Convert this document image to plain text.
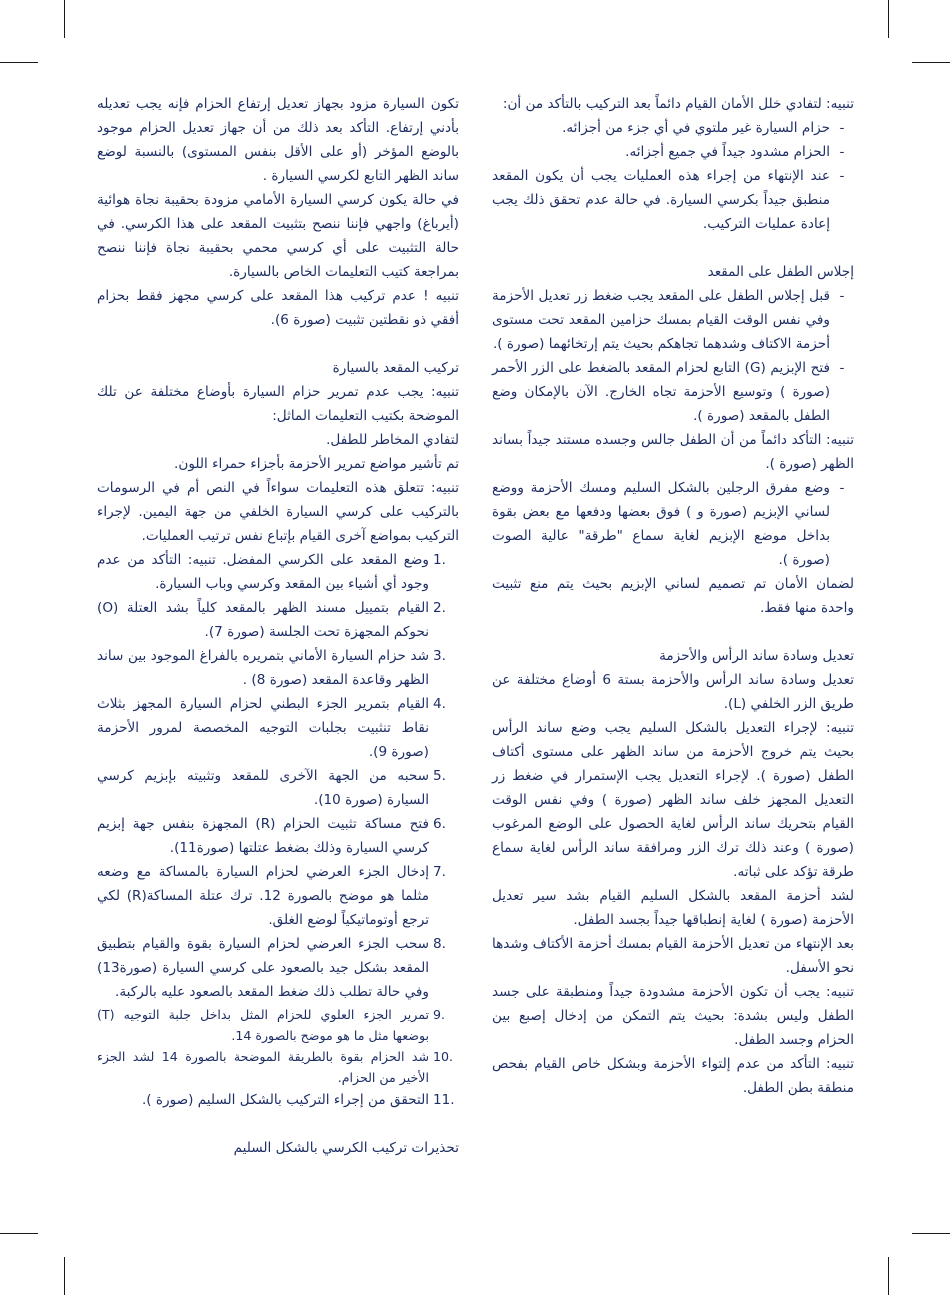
تنبيه: لتفادي خلل الأمان القيام دائماً بعد التركيب بالتأكد من أن:

- حزام السيارة غير ملتوي في أي جزء من أجزائه.
- الحزام مشدود جيداً في جميع أجزائه.
- عند الإنتهاء من إجراء هذه العمليات يجب أن يكون المقعد منطبق جيداً بكرسي السيارة. في حالة عدم تحقق ذلك يجب إعادة عمليات التركيب.

إجلاس الطفل على المقعد

- قبل إجلاس الطفل على المقعد يجب ضغط زر تعديل الأحزمة وفي نفس الوقت القيام بمسك حزامين المقعد تحت مستوى أحزمة الاكتاف وشدهما تجاهكم بحيث يتم إرتخائهما (صورة ).
- فتح الإبزيم (G) التابع لحزام المقعد بالضغط على الزر الأحمر (صورة ) وتوسيع الأحزمة تجاه الخارج. الآن بالإمكان وضع الطفل بالمقعد (صورة ).

تنبيه: التأكد دائماً من أن الطفل جالس وجسده مستند جيداً بساند الظهر (صورة ).

- وضع مفرق الرجلين بالشكل السليم ومسك الأحزمة ووضع لساني الإبزيم (صورة و ) فوق بعضها ودفعها مع بعض بقوة بداخل موضع الإبزيم لغاية سماع "طرقة" عالية الصوت (صورة ).

لضمان الأمان تم تصميم لساني الإبزيم بحيث يتم منع تثبيت واحدة منها فقط.

تعديل وسادة ساند الرأس والأحزمة

تعديل وسادة ساند الرأس والأحزمة بستة 6 أوضاع مختلفة عن طريق الزر الخلفي (L).

تنبيه: لإجراء التعديل بالشكل السليم يجب وضع ساند الرأس بحيث يتم خروج الأحزمة من ساند الظهر على مستوى أكتاف الطفل (صورة ). لإجراء التعديل يجب الإستمرار في ضغط زر التعديل المجهز خلف ساند الظهر (صورة ) وفي نفس الوقت القيام بتحريك ساند الرأس لغاية الحصول على الوضع المرغوب (صورة ) وعند ذلك ترك الزر ومرافقة ساند الرأس لغاية سماع طرقة تؤكد على ثباته.

لشد أحزمة المقعد بالشكل السليم القيام بشد سير تعديل الأحزمة (صورة ) لغاية إنطباقها جيداً بجسد الطفل.

بعد الإنتهاء من تعديل الأحزمة القيام بمسك أحزمة الأكتاف وشدها نحو الأسفل.

تنبيه: يجب أن تكون الأحزمة مشدودة جيداً ومنطبقة على جسد الطفل وليس بشدة: بحيث يتم التمكن من إدخال إصبع بين الحزام وجسد الطفل.

تنبيه: التأكد من عدم إلتواء الأحزمة وبشكل خاص القيام بفحص منطقة بطن الطفل.

تكون السيارة مزود بجهاز تعديل إرتفاع الحزام فإنه يجب تعديله بأدني إرتفاع. التأكد بعد ذلك من أن جهاز تعديل الحزام موجود بالوضع المؤخر (أو على الأقل بنفس المستوى) بالنسبة لوضع ساند الظهر التابع لكرسي السيارة .

في حالة يكون كرسي السيارة الأمامي مزودة بحقيبة نجاة هوائية (أيرباغ) واجهي فإننا ننصح بتثبيت المقعد على هذا الكرسي. في حالة التثبيت على أي كرسي محمي بحقيبة نجاة فإننا ننصح بمراجعة كتيب التعليمات الخاص بالسيارة.

تنبيه ! عدم تركيب هذا المقعد على كرسي مجهز فقط بحزام أفقي ذو نقطتين تثبيت (صورة 6).

تركيب المقعد بالسيارة

تنبيه: يجب عدم تمرير حزام السيارة بأوضاع مختلفة عن تلك الموضحة بكتيب التعليمات الماثل:

لتفادي المخاطر للطفل.

تم تأشير مواضع تمرير الأحزمة بأجزاء حمراء اللون.

تنبيه: تتعلق هذه التعليمات سواءاً في النص أم في الرسومات بالتركيب على كرسي السيارة الخلفي من جهة اليمين. لإجراء التركيب بمواضع آخرى القيام بإتباع نفس ترتيب العمليات.

1.
وضع المقعد على الكرسي المفضل. تنبيه: التأكد من عدم وجود أي أشياء بين المقعد وكرسي وباب السيارة.
2.
القيام بتمييل مسند الظهر بالمقعد كلياً بشد العتلة (O) نحوكم المجهزة تحت الجلسة (صورة 7).
3.
شد حزام السيارة الأماني بتمريره بالفراغ الموجود بين ساند الظهر وقاعدة المقعد (صورة 8) .
4.
القيام بتمرير الجزء البطني لحزام السيارة المجهز بثلاث نقاط تنثبيت بجلبات التوجيه المخصصة لمرور الأحزمة (صورة 9).
5.
سحبه من الجهة الآخرى للمقعد وتثبيته بإبزيم كرسي السيارة (صورة 10).
6.
فتح مساكة تثبيت الحزام (R) المجهزة بنفس جهة إبزيم كرسي السيارة وذلك بضغط عتلتها (صورة11).
7.
إدخال الجزء العرضي لحزام السيارة بالمساكة مع وضعه مثلما هو موضح بالصورة 12. ترك عتلة المساكة(R) لكي ترجع أوتوماتيكياً لوضع الغلق.
8.
سحب الجزء العرضي لحزام السيارة بقوة والقيام بتطبيق المقعد بشكل جيد بالصعود على كرسي السيارة (صورة13) وفي حالة تطلب ذلك ضغط المقعد بالصعود عليه بالركبة.
9.
تمرير الجزء العلوي للحزام المثل بداخل جلبة التوجيه (T) بوضعها مثل ما هو موضح بالصورة 14.
10.
شد الحزام بقوة بالطريقة الموضحة بالصورة 14 لشد الجزء الأخير من الحزام.
11.
التحقق من إجراء التركيب بالشكل السليم (صورة ).

تحذيرات تركيب الكرسي بالشكل السليم
